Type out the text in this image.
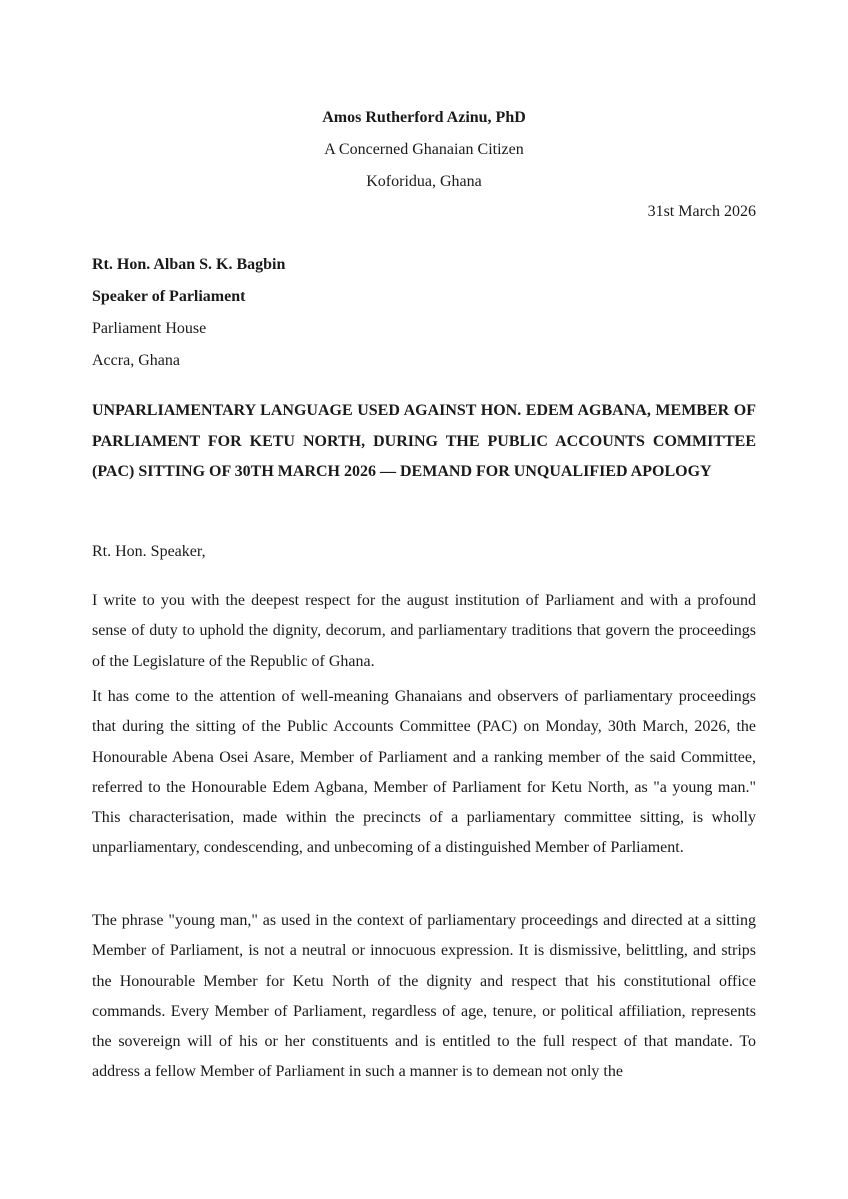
Amos Rutherford Azinu, PhD
A Concerned Ghanaian Citizen
Koforidua, Ghana
31st March 2026
Rt. Hon. Alban S. K. Bagbin
Speaker of Parliament
Parliament House
Accra, Ghana
UNPARLIAMENTARY LANGUAGE USED AGAINST HON. EDEM AGBANA, MEMBER OF PARLIAMENT FOR KETU NORTH, DURING THE PUBLIC ACCOUNTS COMMITTEE (PAC) SITTING OF 30TH MARCH 2026 — DEMAND FOR UNQUALIFIED APOLOGY
Rt. Hon. Speaker,

I write to you with the deepest respect for the august institution of Parliament and with a profound sense of duty to uphold the dignity, decorum, and parliamentary traditions that govern the proceedings of the Legislature of the Republic of Ghana.

It has come to the attention of well-meaning Ghanaians and observers of parliamentary proceedings that during the sitting of the Public Accounts Committee (PAC) on Monday, 30th March, 2026, the Honourable Abena Osei Asare, Member of Parliament and a ranking member of the said Committee, referred to the Honourable Edem Agbana, Member of Parliament for Ketu North, as "a young man." This characterisation, made within the precincts of a parliamentary committee sitting, is wholly unparliamentary, condescending, and unbecoming of a distinguished Member of Parliament.

The phrase "young man," as used in the context of parliamentary proceedings and directed at a sitting Member of Parliament, is not a neutral or innocuous expression. It is dismissive, belittling, and strips the Honourable Member for Ketu North of the dignity and respect that his constitutional office commands. Every Member of Parliament, regardless of age, tenure, or political affiliation, represents the sovereign will of his or her constituents and is entitled to the full respect of that mandate. To address a fellow Member of Parliament in such a manner is to demean not only the
